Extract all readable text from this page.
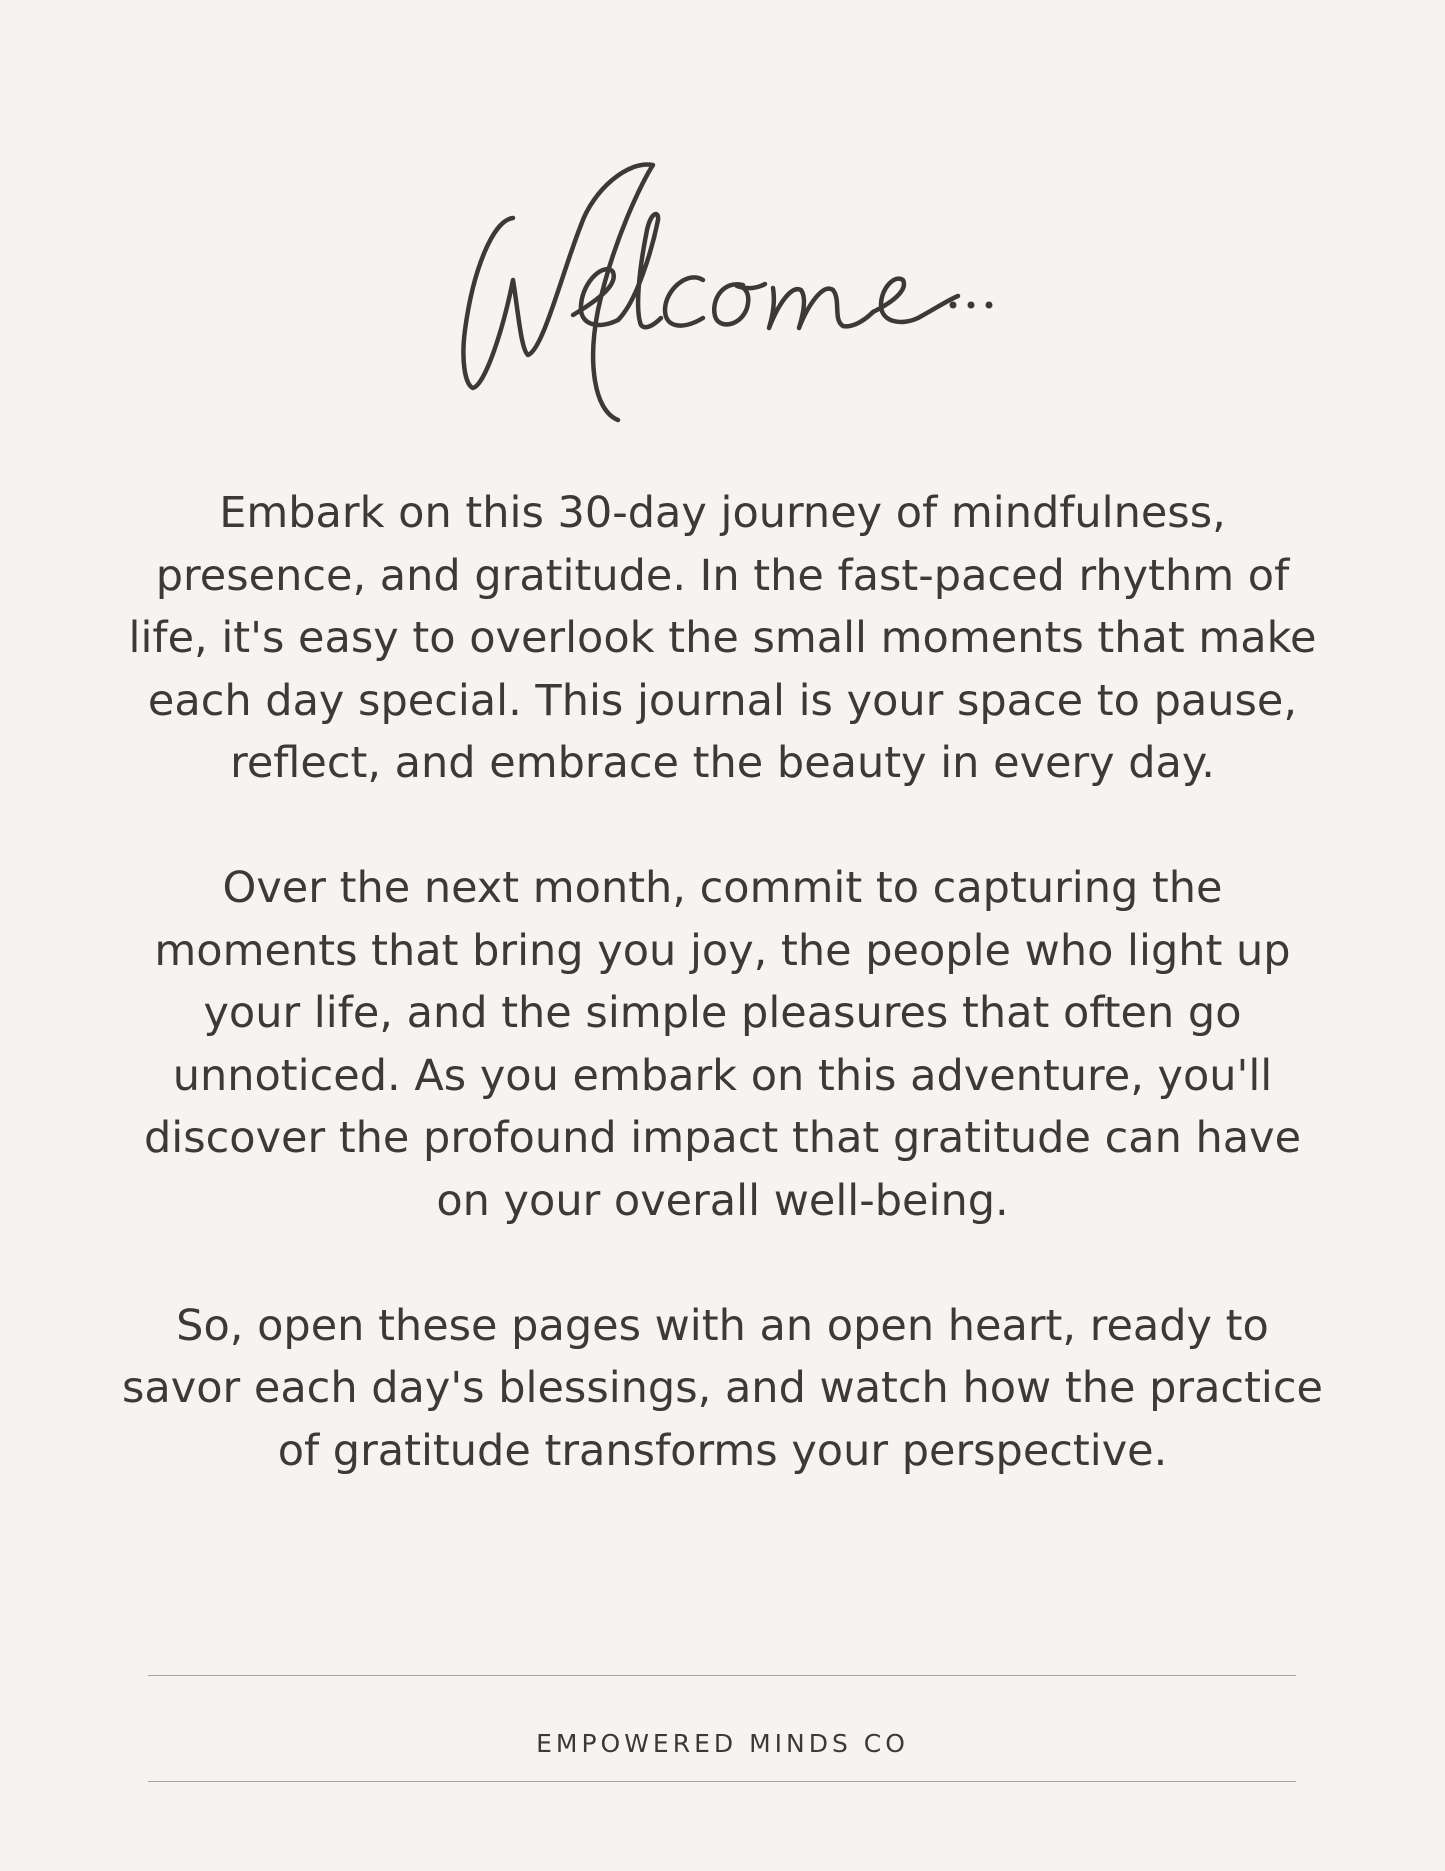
Embark on this 30-day journey of mindfulness, presence, and gratitude. In the fast-paced rhythm of life, it's easy to overlook the small moments that make each day special. This journal is your space to pause, reflect, and embrace the beauty in every day.

Over the next month, commit to capturing the moments that bring you joy, the people who light up your life, and the simple pleasures that often go unnoticed. As you embark on this adventure, you'll discover the profound impact that gratitude can have on your overall well-being.

So, open these pages with an open heart, ready to savor each day's blessings, and watch how the practice of gratitude transforms your perspective.

EMPOWERED MINDS CO
